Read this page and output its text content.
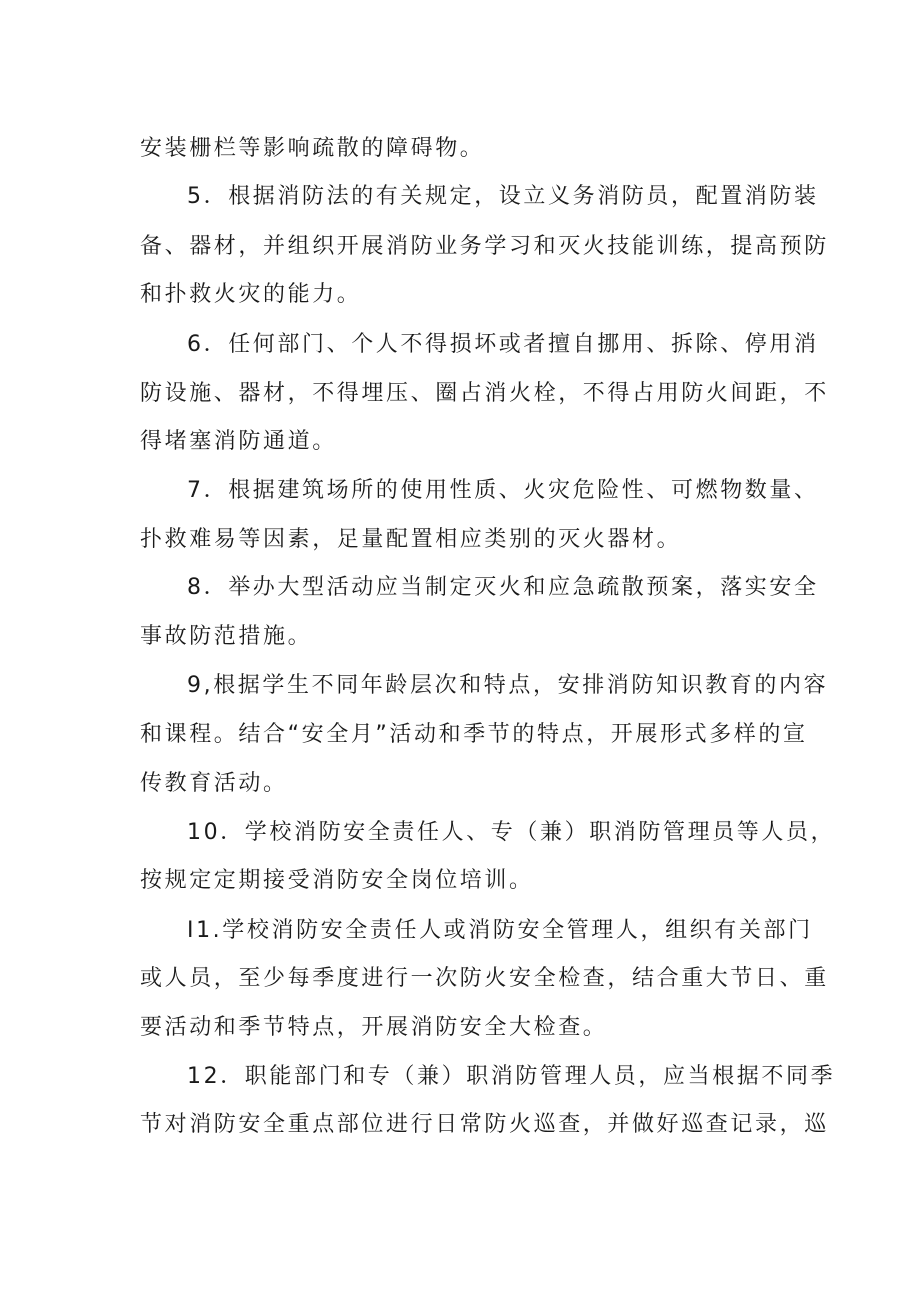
安装栅栏等影响疏散的障碍物。
5．根据消防法的有关规定，设立义务消防员，配置消防装
备、器材，并组织开展消防业务学习和灭火技能训练，提高预防
和扑救火灾的能力。
6．任何部门、个人不得损坏或者擅自挪用、拆除、停用消
防设施、器材，不得埋压、圈占消火栓，不得占用防火间距，不
得堵塞消防通道。
7．根据建筑场所的使用性质、火灾危险性、可燃物数量、
扑救难易等因素，足量配置相应类别的灭火器材。
8．举办大型活动应当制定灭火和应急疏散预案，落实安全
事故防范措施。
9,根据学生不同年龄层次和特点，安排消防知识教育的内容
和课程。结合“安全月”活动和季节的特点，开展形式多样的宣
传教育活动。
10．学校消防安全责任人、专（兼）职消防管理员等人员，
按规定定期接受消防安全岗位培训。
I1.学校消防安全责任人或消防安全管理人，组织有关部门
或人员，至少每季度进行一次防火安全检查，结合重大节日、重
要活动和季节特点，开展消防安全大检查。
12．职能部门和专（兼）职消防管理人员，应当根据不同季
节对消防安全重点部位进行日常防火巡查，并做好巡查记录，巡
